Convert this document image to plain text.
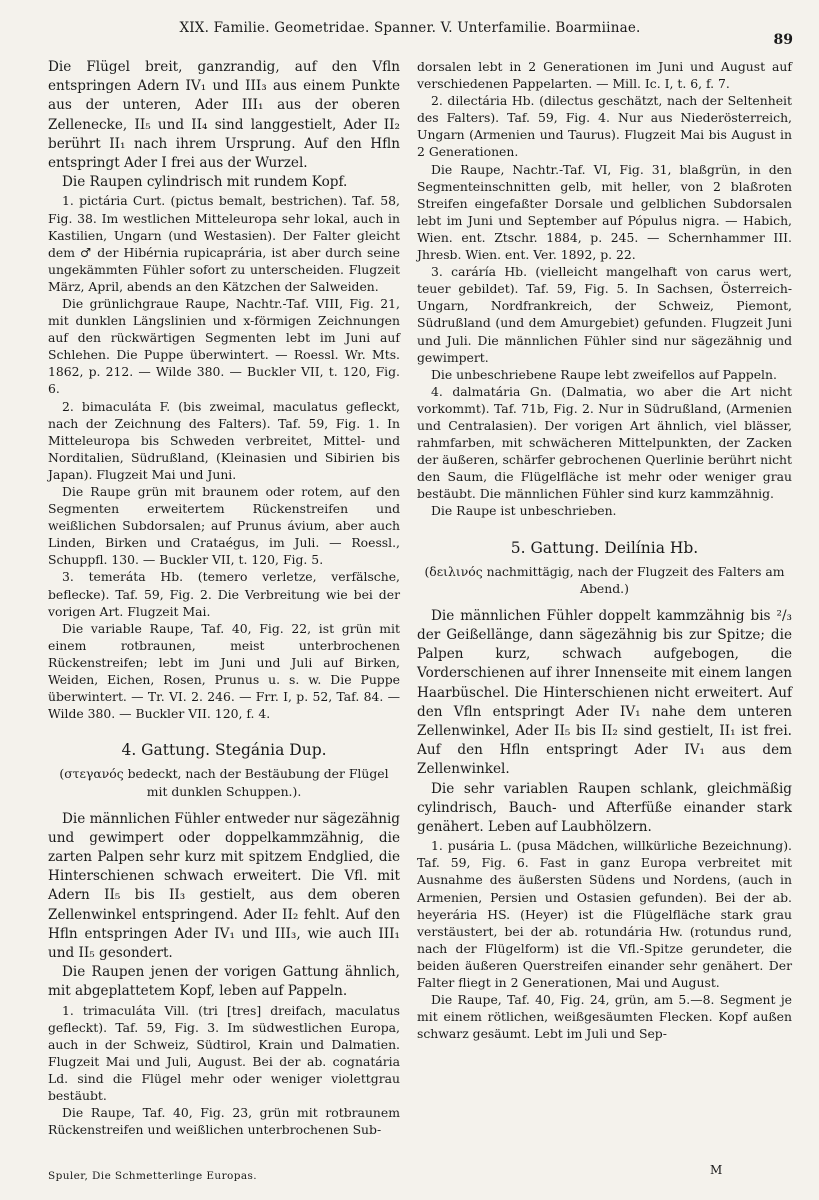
XIX. Familie. Geometridae. Spanner. V. Unterfamilie. Boarmiinae.
89

Die Flügel breit, ganzrandig, auf den Vfln entspringen Adern IV₁ und III₃ aus einem Punkte aus der unteren, Ader III₁ aus der oberen Zellenecke, II₅ und II₄ sind langgestielt, Ader II₂ berührt II₁ nach ihrem Ursprung. Auf den Hfln entspringt Ader I frei aus der Wurzel.

Die Raupen cylindrisch mit rundem Kopf.

1. pictária Curt. (pictus bemalt, bestrichen). Taf. 58, Fig. 38. Im westlichen Mitteleuropa sehr lokal, auch in Kastilien, Ungarn (und Westasien). Der Falter gleicht dem ♂ der Hibérnia rupicaprária, ist aber durch seine ungekämmten Fühler sofort zu unterscheiden. Flugzeit März, April, abends an den Kätzchen der Salweiden.

Die grünlichgraue Raupe, Nachtr.-Taf. VIII, Fig. 21, mit dunklen Längslinien und x-förmigen Zeichnungen auf den rückwärtigen Segmenten lebt im Juni auf Schlehen. Die Puppe überwintert. — Roessl. Wr. Mts. 1862, p. 212. — Wilde 380. — Buckler VII, t. 120, Fig. 6.

2. bimaculáta F. (bis zweimal, maculatus gefleckt, nach der Zeichnung des Falters). Taf. 59, Fig. 1. In Mitteleuropa bis Schweden verbreitet, Mittel- und Norditalien, Südrußland, (Kleinasien und Sibirien bis Japan). Flugzeit Mai und Juni.

Die Raupe grün mit braunem oder rotem, auf den Segmenten erweitertem Rückenstreifen und weißlichen Subdorsalen; auf Prunus ávium, aber auch Linden, Birken und Crataégus, im Juli. — Roessl., Schuppfl. 130. — Buckler VII, t. 120, Fig. 5.

3. temeráta Hb. (temero verletze, verfälsche, beflecke). Taf. 59, Fig. 2. Die Verbreitung wie bei der vorigen Art. Flugzeit Mai.

Die variable Raupe, Taf. 40, Fig. 22, ist grün mit einem rotbraunen, meist unterbrochenen Rückenstreifen; lebt im Juni und Juli auf Birken, Weiden, Eichen, Rosen, Prunus u. s. w. Die Puppe überwintert. — Tr. VI. 2. 246. — Frr. I, p. 52, Taf. 84. — Wilde 380. — Buckler VII. 120, f. 4.

4. Gattung. Stegánia Dup.

(στεγανός bedeckt, nach der Bestäubung der Flügel mit dunklen Schuppen.).

Die männlichen Fühler entweder nur sägezähnig und gewimpert oder doppelkammzähnig, die zarten Palpen sehr kurz mit spitzem Endglied, die Hinterschienen schwach erweitert. Die Vfl. mit Adern II₅ bis II₃ gestielt, aus dem oberen Zellenwinkel entspringend. Ader II₂ fehlt. Auf den Hfln entspringen Ader IV₁ und III₃, wie auch III₁ und II₅ gesondert.

Die Raupen jenen der vorigen Gattung ähnlich, mit abgeplattetem Kopf, leben auf Pappeln.

1. trimaculáta Vill. (tri [tres] dreifach, maculatus gefleckt). Taf. 59, Fig. 3. Im südwestlichen Europa, auch in der Schweiz, Südtirol, Krain und Dalmatien. Flugzeit Mai und Juli, August. Bei der ab. cognatária Ld. sind die Flügel mehr oder weniger violettgrau bestäubt.

Die Raupe, Taf. 40, Fig. 23, grün mit rotbraunem Rückenstreifen und weißlichen unterbrochenen Sub-

dorsalen lebt in 2 Generationen im Juni und August auf verschiedenen Pappelarten. — Mill. Ic. I, t. 6, f. 7.

2. dilectária Hb. (dilectus geschätzt, nach der Seltenheit des Falters). Taf. 59, Fig. 4. Nur aus Niederösterreich, Ungarn (Armenien und Taurus). Flugzeit Mai bis August in 2 Generationen.

Die Raupe, Nachtr.-Taf. VI, Fig. 31, blaßgrün, in den Segmenteinschnitten gelb, mit heller, von 2 blaßroten Streifen eingefaßter Dorsale und gelblichen Subdorsalen lebt im Juni und September auf Pópulus nigra. — Habich, Wien. ent. Ztschr. 1884, p. 245. — Schernhammer III. Jhresb. Wien. ent. Ver. 1892, p. 22.

3. caráría Hb. (vielleicht mangelhaft von carus wert, teuer gebildet). Taf. 59, Fig. 5. In Sachsen, Österreich-Ungarn, Nordfrankreich, der Schweiz, Piemont, Südrußland (und dem Amurgebiet) gefunden. Flugzeit Juni und Juli. Die männlichen Fühler sind nur sägezähnig und gewimpert.

Die unbeschriebene Raupe lebt zweifellos auf Pappeln.

4. dalmatária Gn. (Dalmatia, wo aber die Art nicht vorkommt). Taf. 71b, Fig. 2. Nur in Südrußland, (Armenien und Centralasien). Der vorigen Art ähnlich, viel blässer, rahmfarben, mit schwächeren Mittelpunkten, der Zacken der äußeren, schärfer gebrochenen Querlinie berührt nicht den Saum, die Flügelfläche ist mehr oder weniger grau bestäubt. Die männlichen Fühler sind kurz kammzähnig.

Die Raupe ist unbeschrieben.

5. Gattung. Deilínia Hb.

(δειλινός nachmittägig, nach der Flugzeit des Falters am Abend.)

Die männlichen Fühler doppelt kammzähnig bis ²/₃ der Geißellänge, dann sägezähnig bis zur Spitze; die Palpen kurz, schwach aufgebogen, die Vorderschienen auf ihrer Innenseite mit einem langen Haarbüschel. Die Hinterschienen nicht erweitert. Auf den Vfln entspringt Ader IV₁ nahe dem unteren Zellenwinkel, Ader II₅ bis II₂ sind gestielt, II₁ ist frei. Auf den Hfln entspringt Ader IV₁ aus dem Zellenwinkel.

Die sehr variablen Raupen schlank, gleichmäßig cylindrisch, Bauch- und Afterfüße einander stark genähert. Leben auf Laubhölzern.

1. pusária L. (pusa Mädchen, willkürliche Bezeichnung). Taf. 59, Fig. 6. Fast in ganz Europa verbreitet mit Ausnahme des äußersten Südens und Nordens, (auch in Armenien, Persien und Ostasien gefunden). Bei der ab. heyerária HS. (Heyer) ist die Flügelfläche stark grau verstäustert, bei der ab. rotundária Hw. (rotundus rund, nach der Flügelform) ist die Vfl.-Spitze gerundeter, die beiden äußeren Querstreifen einander sehr genähert. Der Falter fliegt in 2 Generationen, Mai und August.

Die Raupe, Taf. 40, Fig. 24, grün, am 5.—8. Segment je mit einem rötlichen, weißgesäumten Flecken. Kopf außen schwarz gesäumt. Lebt im Juli und Sep-

Spuler, Die Schmetterlinge Europas.	M
